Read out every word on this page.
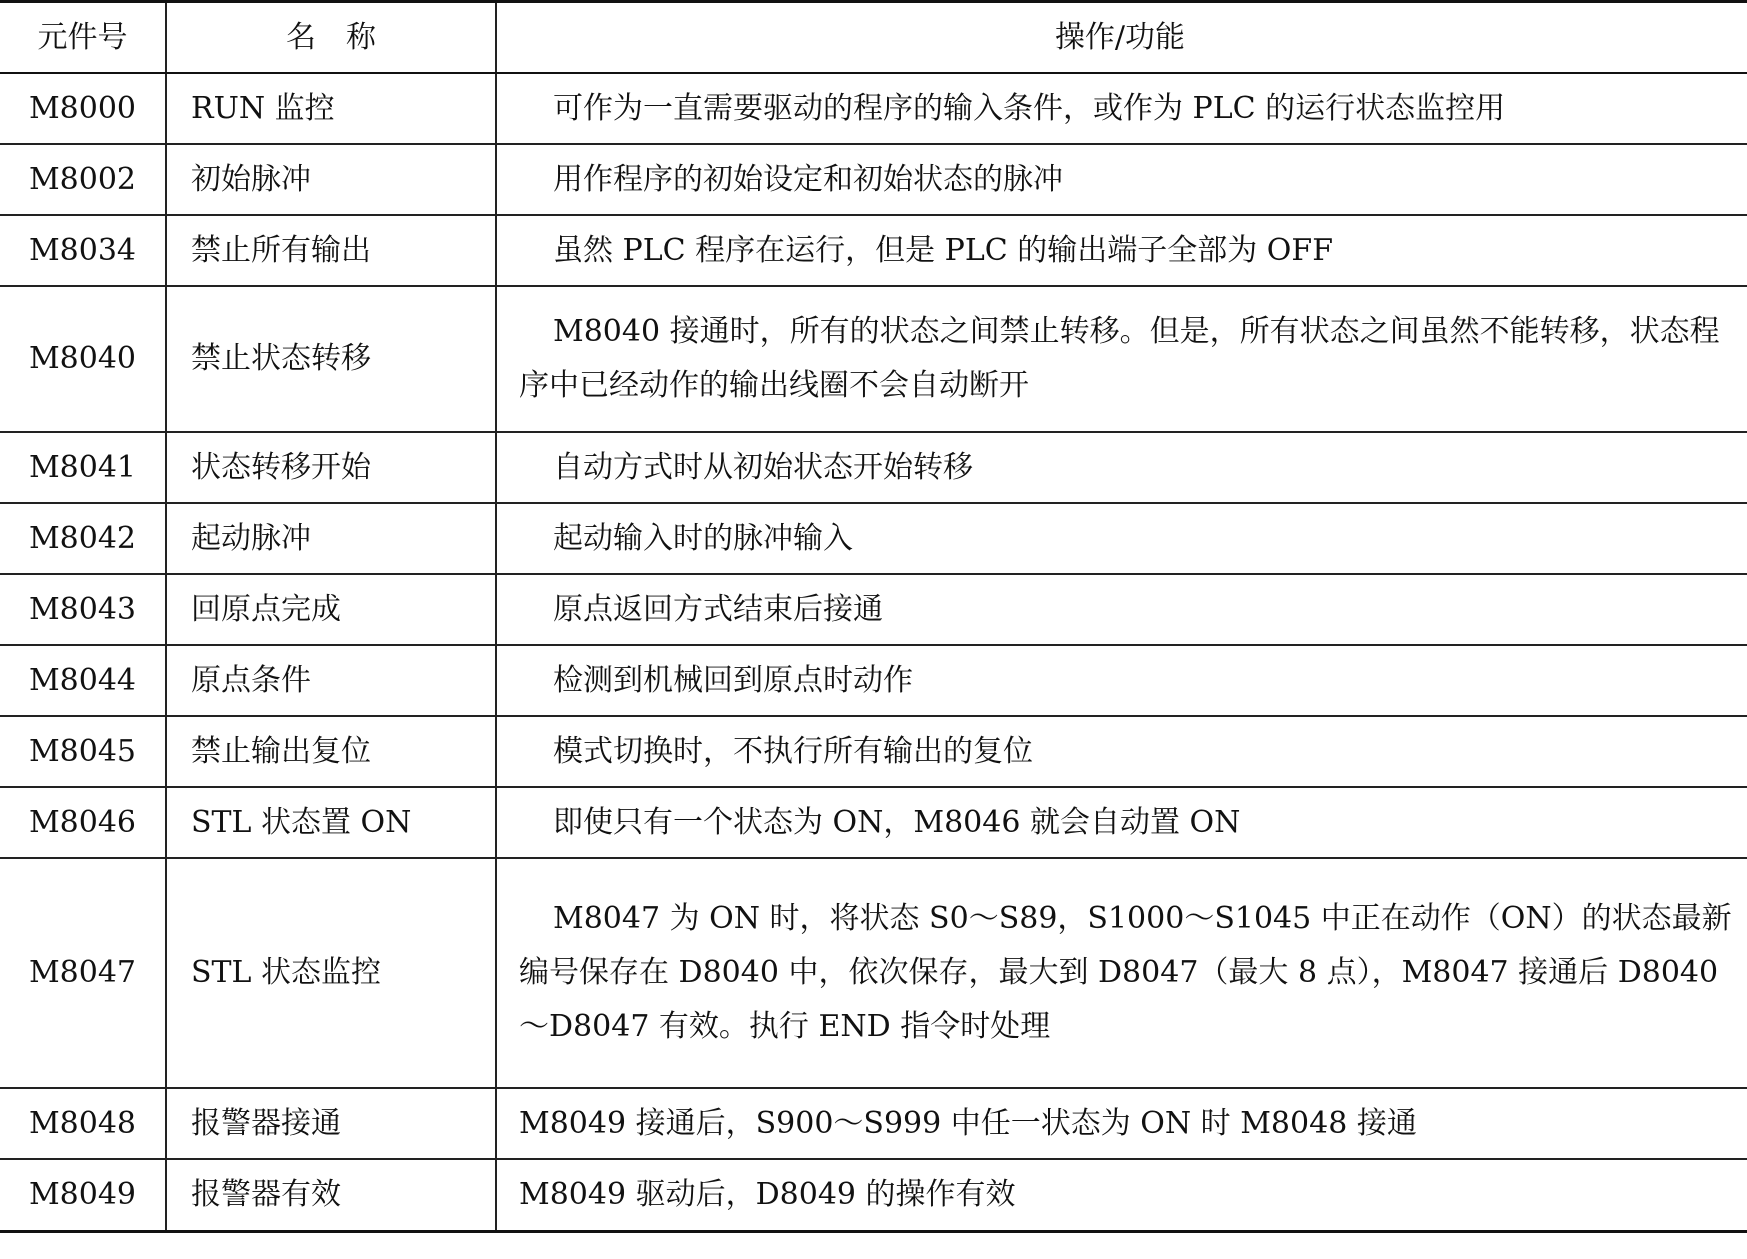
元件号	名　称	操作/功能
M8000	RUN 监控	可作为一直需要驱动的程序的输入条件，或作为 PLC 的运行状态监控用
M8002	初始脉冲	用作程序的初始设定和初始状态的脉冲
M8034	禁止所有输出	虽然 PLC 程序在运行，但是 PLC 的输出端子全部为 OFF
M8040	禁止状态转移	M8040 接通时，所有的状态之间禁止转移。但是，所有状态之间虽然不能转移，状态程序中已经动作的输出线圈不会自动断开
M8041	状态转移开始	自动方式时从初始状态开始转移
M8042	起动脉冲	起动输入时的脉冲输入
M8043	回原点完成	原点返回方式结束后接通
M8044	原点条件	检测到机械回到原点时动作
M8045	禁止输出复位	模式切换时，不执行所有输出的复位
M8046	STL 状态置 ON	即使只有一个状态为 ON，M8046 就会自动置 ON
M8047	STL 状态监控	M8047 为 ON 时，将状态 S0～S89，S1000～S1045 中正在动作（ON）的状态最新编号保存在 D8040 中，依次保存，最大到 D8047（最大 8 点），M8047 接通后 D8040～D8047 有效。执行 END 指令时处理
M8048	报警器接通	M8049 接通后，S900～S999 中任一状态为 ON 时 M8048 接通
M8049	报警器有效	M8049 驱动后，D8049 的操作有效
